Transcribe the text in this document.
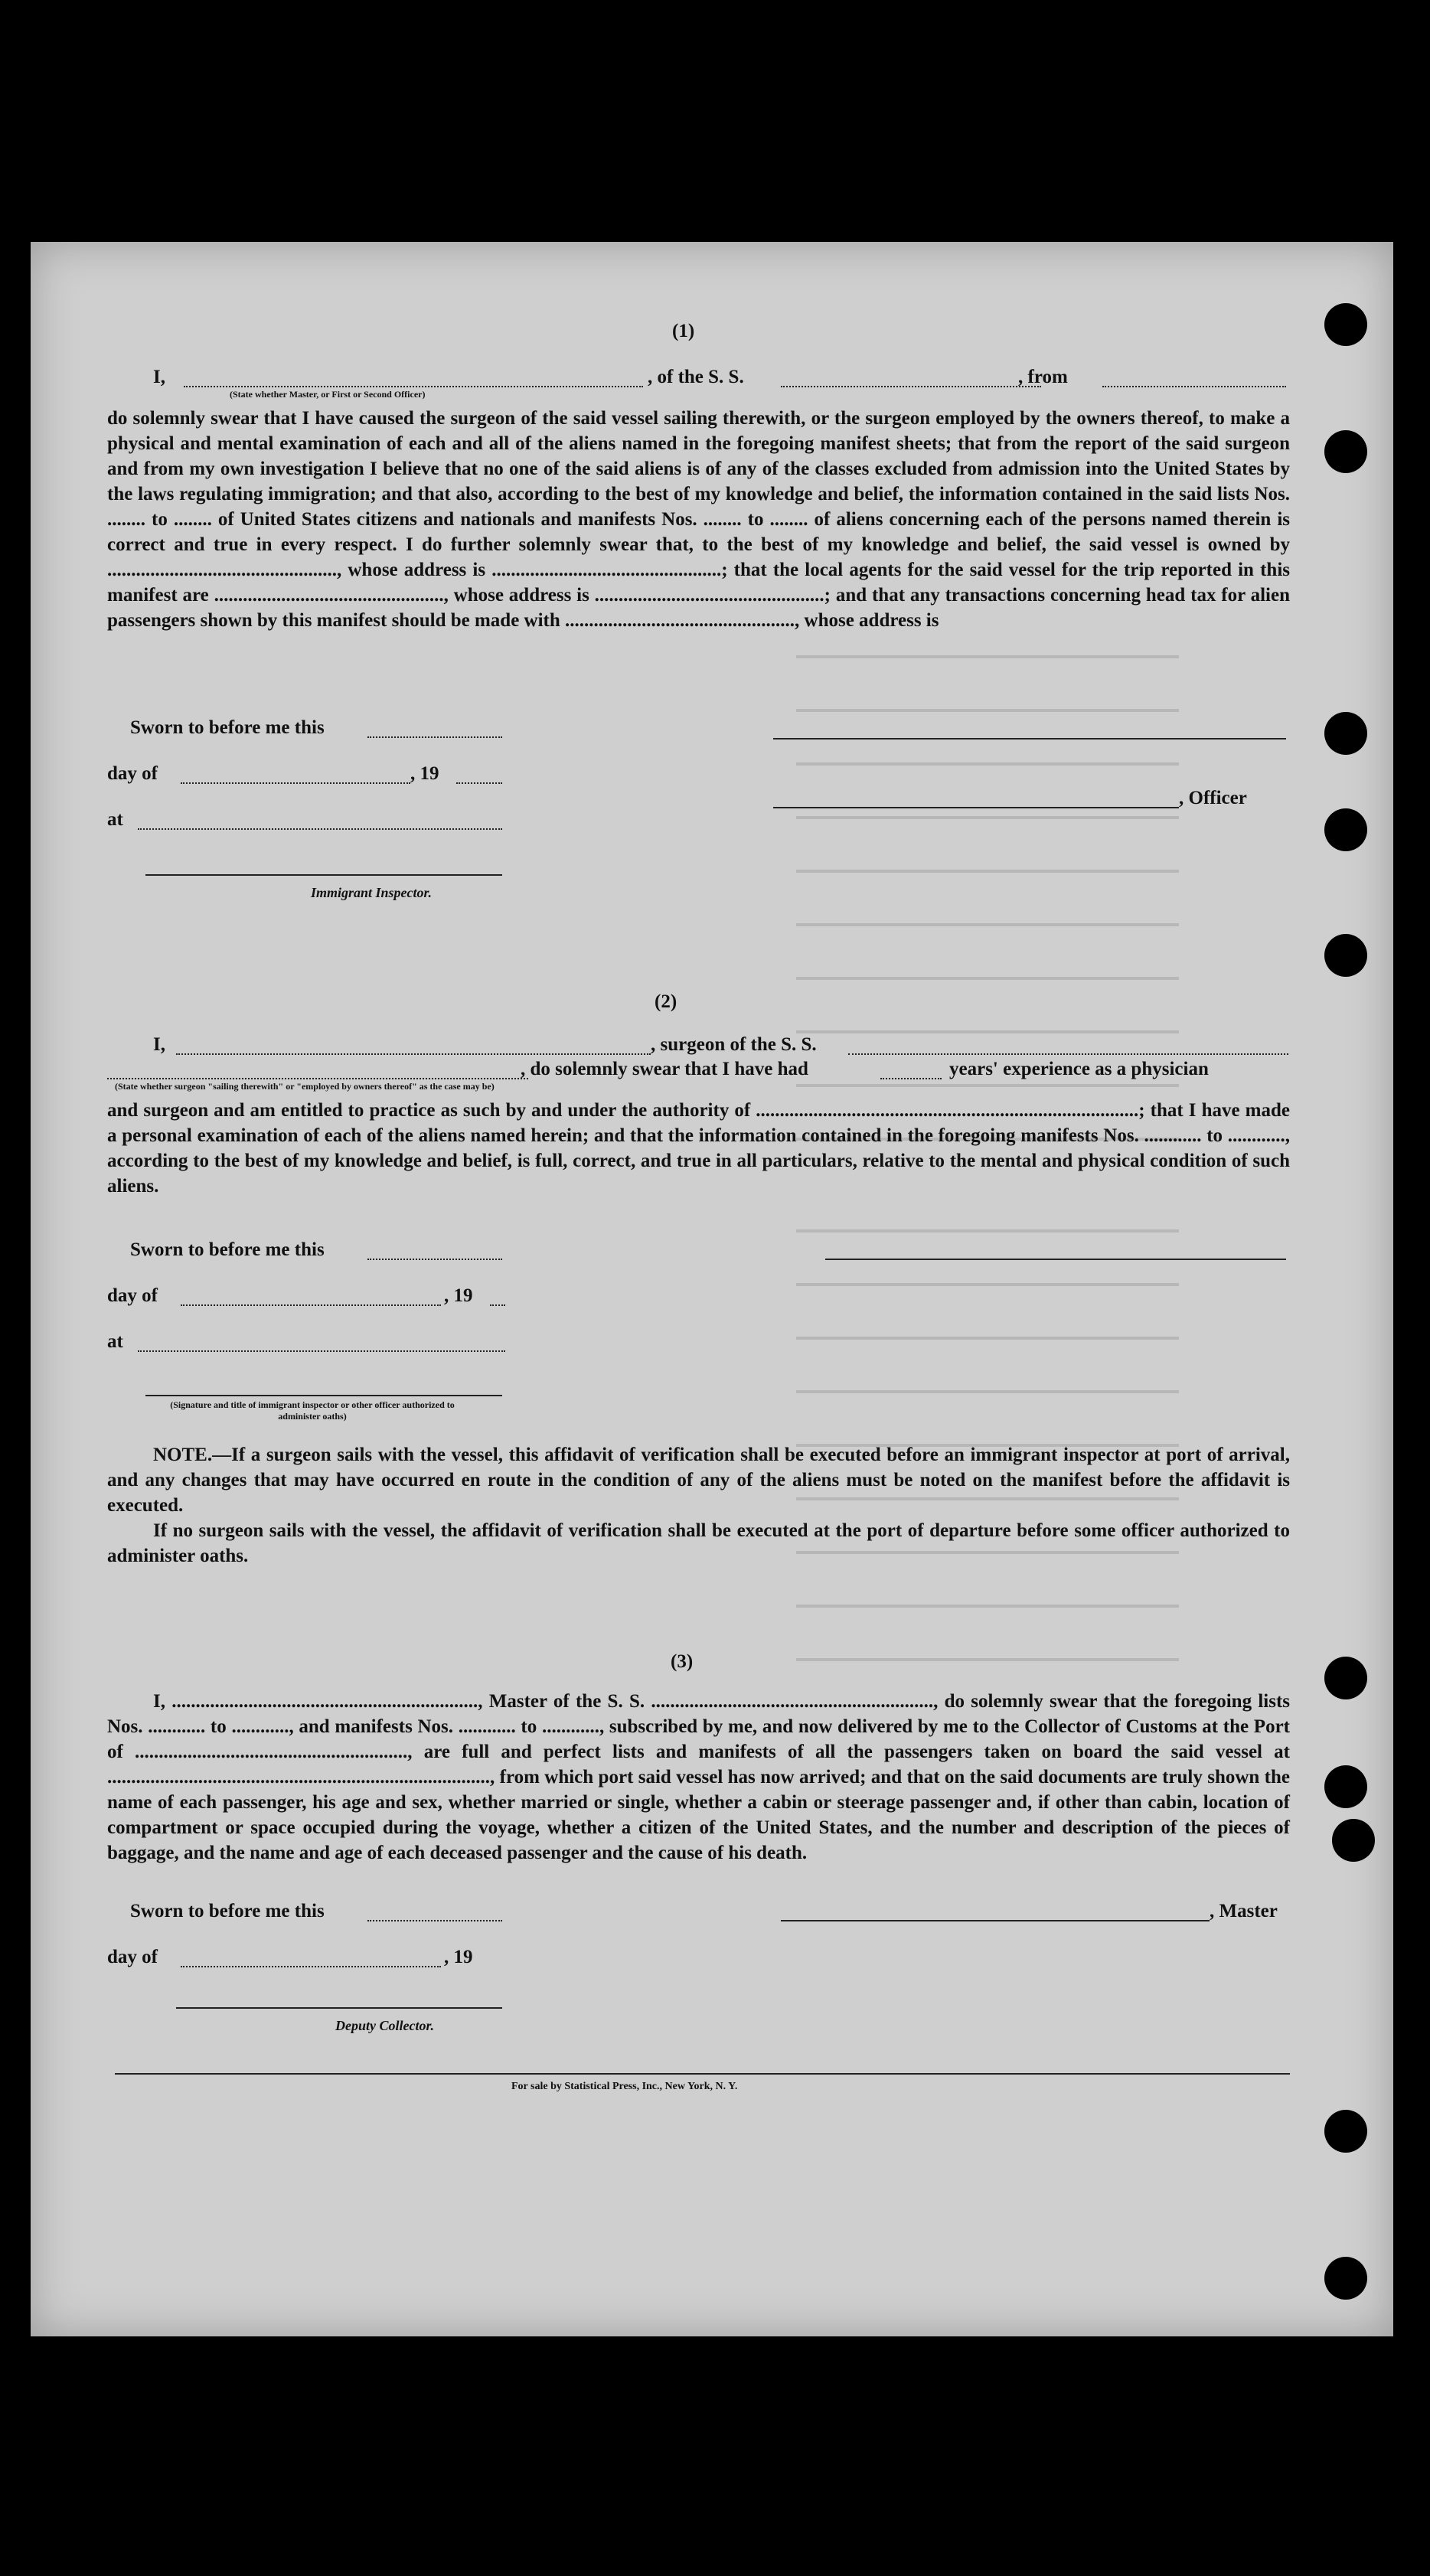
(1)
I,	, of the S. S.	, from
(State whether Master, or First or Second Officer)
do solemnly swear that I have caused the surgeon of the said vessel sailing therewith, or the surgeon employed by the owners thereof, to make a physical and mental examination of each and all of the aliens named in the foregoing manifest sheets; that from the report of the said surgeon and from my own investigation I believe that no one of the said aliens is of any of the classes excluded from admission into the United States by the laws regulating immigration; and that also, according to the best of my knowledge and belief, the information contained in the said lists Nos. ........ to ........ of United States citizens and nationals and manifests Nos. ........ to ........ of aliens concerning each of the persons named therein is correct and true in every respect. I do further solemnly swear that, to the best of my knowledge and belief, the said vessel is owned by ................................................, whose address is ................................................; that the local agents for the said vessel for the trip reported in this manifest are ................................................, whose address is ................................................; and that any transactions concerning head tax for alien passengers shown by this manifest should be made with ................................................, whose address is
Sworn to before me this
day of	, 19
at
Immigrant Inspector.
, Officer
(2)
I,	, surgeon of the S. S.
, do solemnly swear that I have had	years' experience as a physician
(State whether surgeon "sailing therewith" or "employed by owners thereof" as the case may be)
and surgeon and am entitled to practice as such by and under the authority of ................................................................................; that I have made a personal examination of each of the aliens named herein; and that the information contained in the foregoing manifests Nos. ............ to ............, according to the best of my knowledge and belief, is full, correct, and true in all particulars, relative to the mental and physical condition of such aliens.
Sworn to before me this
day of	, 19
at
(Signature and title of immigrant inspector or other officer authorized to administer oaths)
NOTE.—If a surgeon sails with the vessel, this affidavit of verification shall be executed before an immigrant inspector at port of arrival, and any changes that may have occurred en route in the condition of any of the aliens must be noted on the manifest before the affidavit is executed.
If no surgeon sails with the vessel, the affidavit of verification shall be executed at the port of departure before some officer authorized to administer oaths.
(3)
I, ................................................................, Master of the S. S. ..........................................................., do solemnly swear that the foregoing lists Nos. ............ to ............, and manifests Nos. ............ to ............, subscribed by me, and now delivered by me to the Collector of Customs at the Port of ........................................................., are full and perfect lists and manifests of all the passengers taken on board the said vessel at ................................................................................, from which port said vessel has now arrived; and that on the said documents are truly shown the name of each passenger, his age and sex, whether married or single, whether a cabin or steerage passenger and, if other than cabin, location of compartment or space occupied during the voyage, whether a citizen of the United States, and the number and description of the pieces of baggage, and the name and age of each deceased passenger and the cause of his death.
Sworn to before me this
day of	, 19
Deputy Collector.
, Master
For sale by Statistical Press, Inc., New York, N. Y.
